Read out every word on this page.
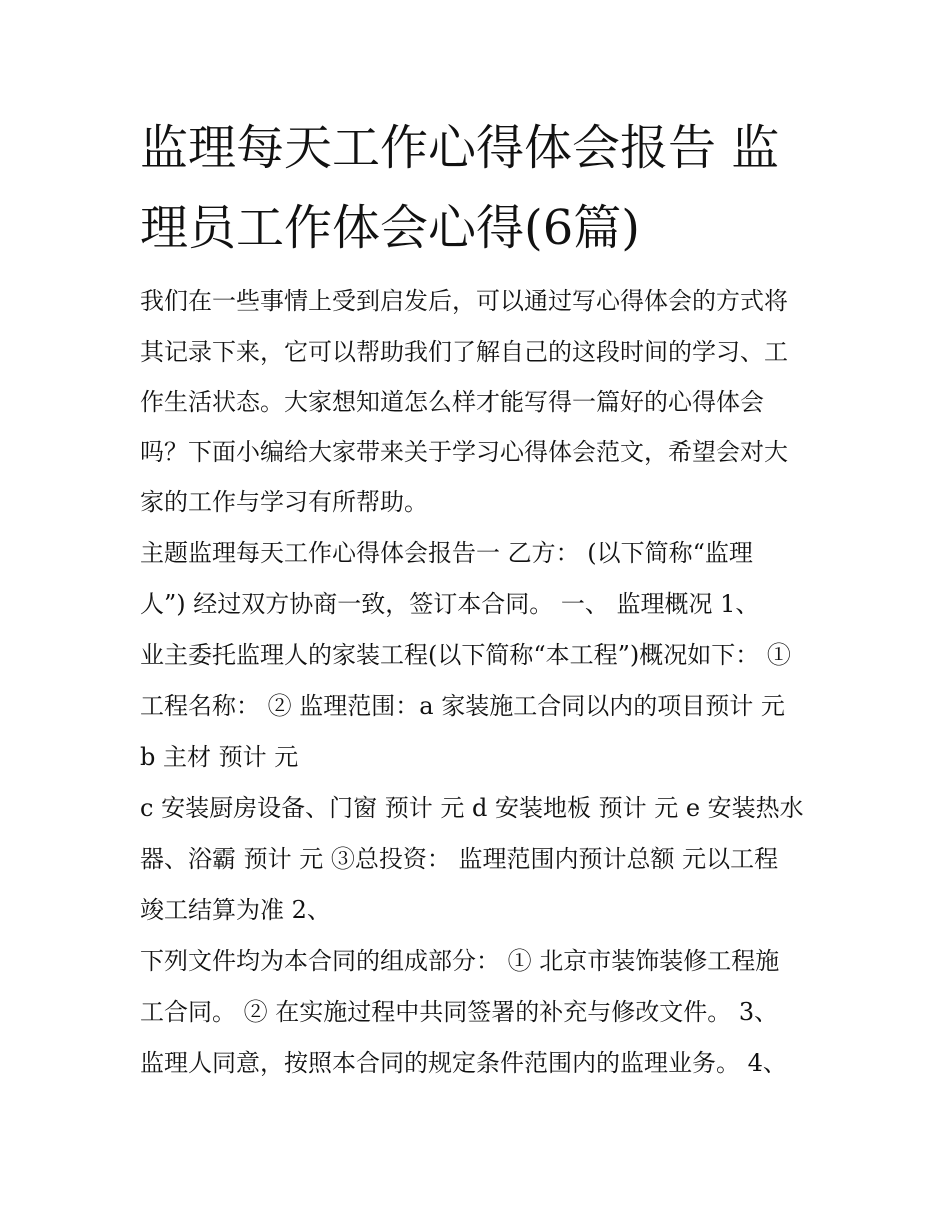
监理每天工作心得体会报告 监
理员工作体会心得(6篇)
我们在一些事情上受到启发后，可以通过写心得体会的方式将
其记录下来，它可以帮助我们了解自己的这段时间的学习、工
作生活状态。大家想知道怎么样才能写得一篇好的心得体会
吗？下面小编给大家带来关于学习心得体会范文，希望会对大
家的工作与学习有所帮助。
主题监理每天工作心得体会报告一 乙方： (以下简称“监理
人”) 经过双方协商一致，签订本合同。 一、 监理概况 1、
业主委托监理人的家装工程(以下简称“本工程”)概况如下： ①
工程名称： ② 监理范围：a 家装施工合同以内的项目预计 元
b 主材 预计 元
c 安装厨房设备、门窗 预计 元 d 安装地板 预计 元 e 安装热水
器、浴霸 预计 元 ③总投资： 监理范围内预计总额 元以工程
竣工结算为准 2、
下列文件均为本合同的组成部分： ① 北京市装饰装修工程施
工合同。 ② 在实施过程中共同签署的补充与修改文件。 3、
监理人同意，按照本合同的规定条件范围内的监理业务。 4、
